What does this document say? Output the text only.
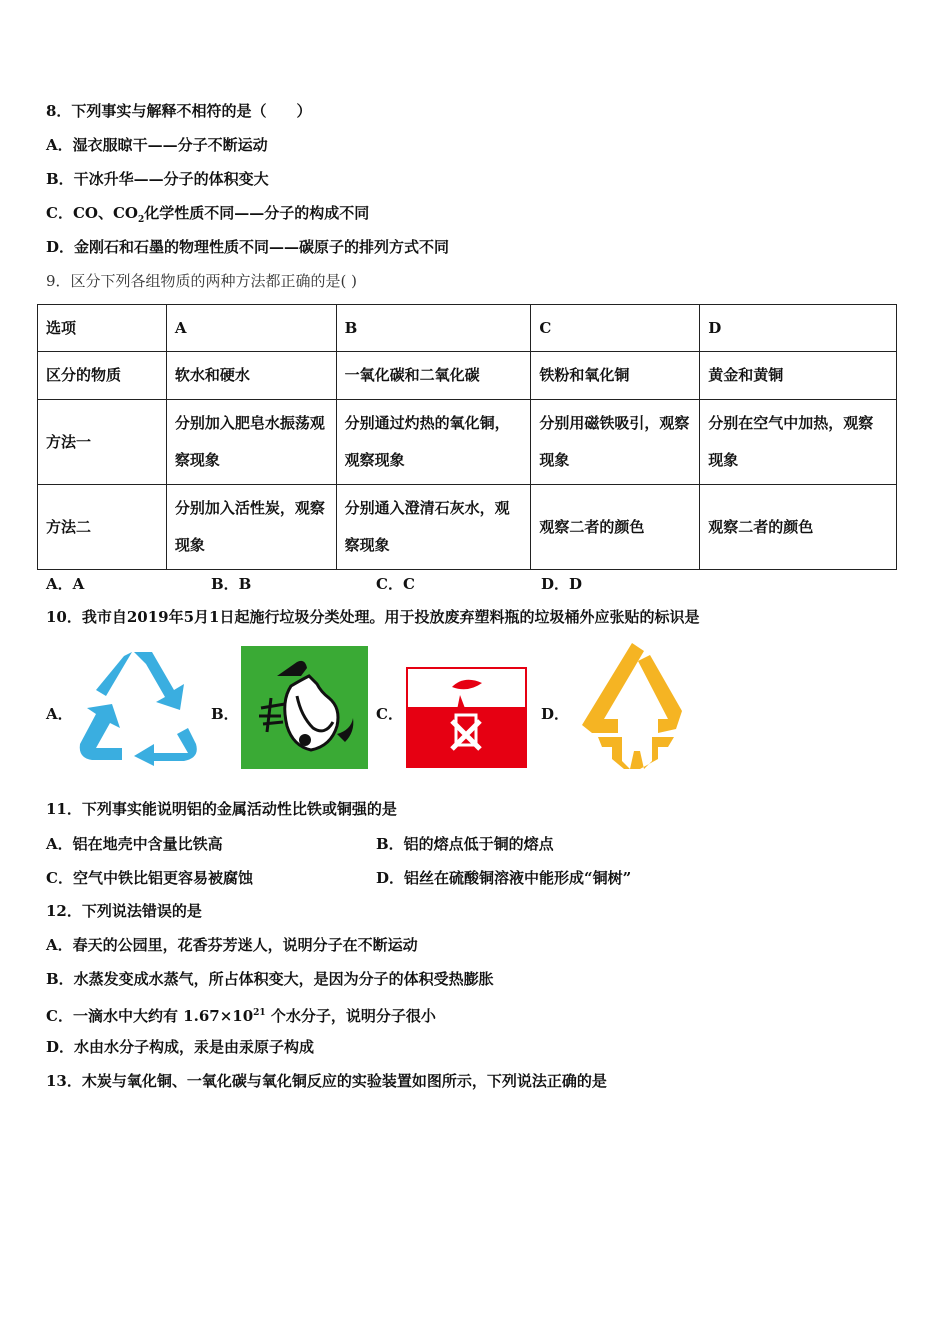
8．下列事实与解释不相符的是（　　）
A．湿衣服晾干——分子不断运动
B．干冰升华——分子的体积变大
C．CO、$CO_2$化学性质不同——分子的构成不同
D．金刚石和石墨的物理性质不同——碳原子的排列方式不同
9．区分下列各组物质的两种方法都正确的是( )
选项	A	B	C	D
区分的物质	软水和硬水	一氧化碳和二氧化碳	铁粉和氧化铜	黄金和黄铜
方法一	分别加入肥皂水振荡观察现象	分别通过灼热的氧化铜，观察现象	分别用磁铁吸引，观察现象	分别在空气中加热，观察现象
方法二	分别加入活性炭，观察现象	分别通入澄清石灰水，观察现象	观察二者的颜色	观察二者的颜色
A．A	B．B	C．C	D．D
10．我市自2019年5月1日起施行垃圾分类处理。用于投放废弃塑料瓶的垃圾桶外应张贴的标识是
A．	B．	C．	D．
11．下列事实能说明铝的金属活动性比铁或铜强的是
A．铝在地壳中含量比铁高	B．铝的熔点低于铜的熔点
C．空气中铁比铝更容易被腐蚀	D．铝丝在硫酸铜溶液中能形成“铜树”
12．下列说法错误的是
A．春天的公园里，花香芬芳迷人，说明分子在不断运动
B．水蒸发变成水蒸气，所占体积变大，是因为分子的体积受热膨胀
C．一滴水中大约有 $1.67\times 10^{21}$ 个水分子，说明分子很小
D．水由水分子构成，汞是由汞原子构成
13．木炭与氧化铜、一氧化碳与氧化铜反应的实验装置如图所示，下列说法正确的是
